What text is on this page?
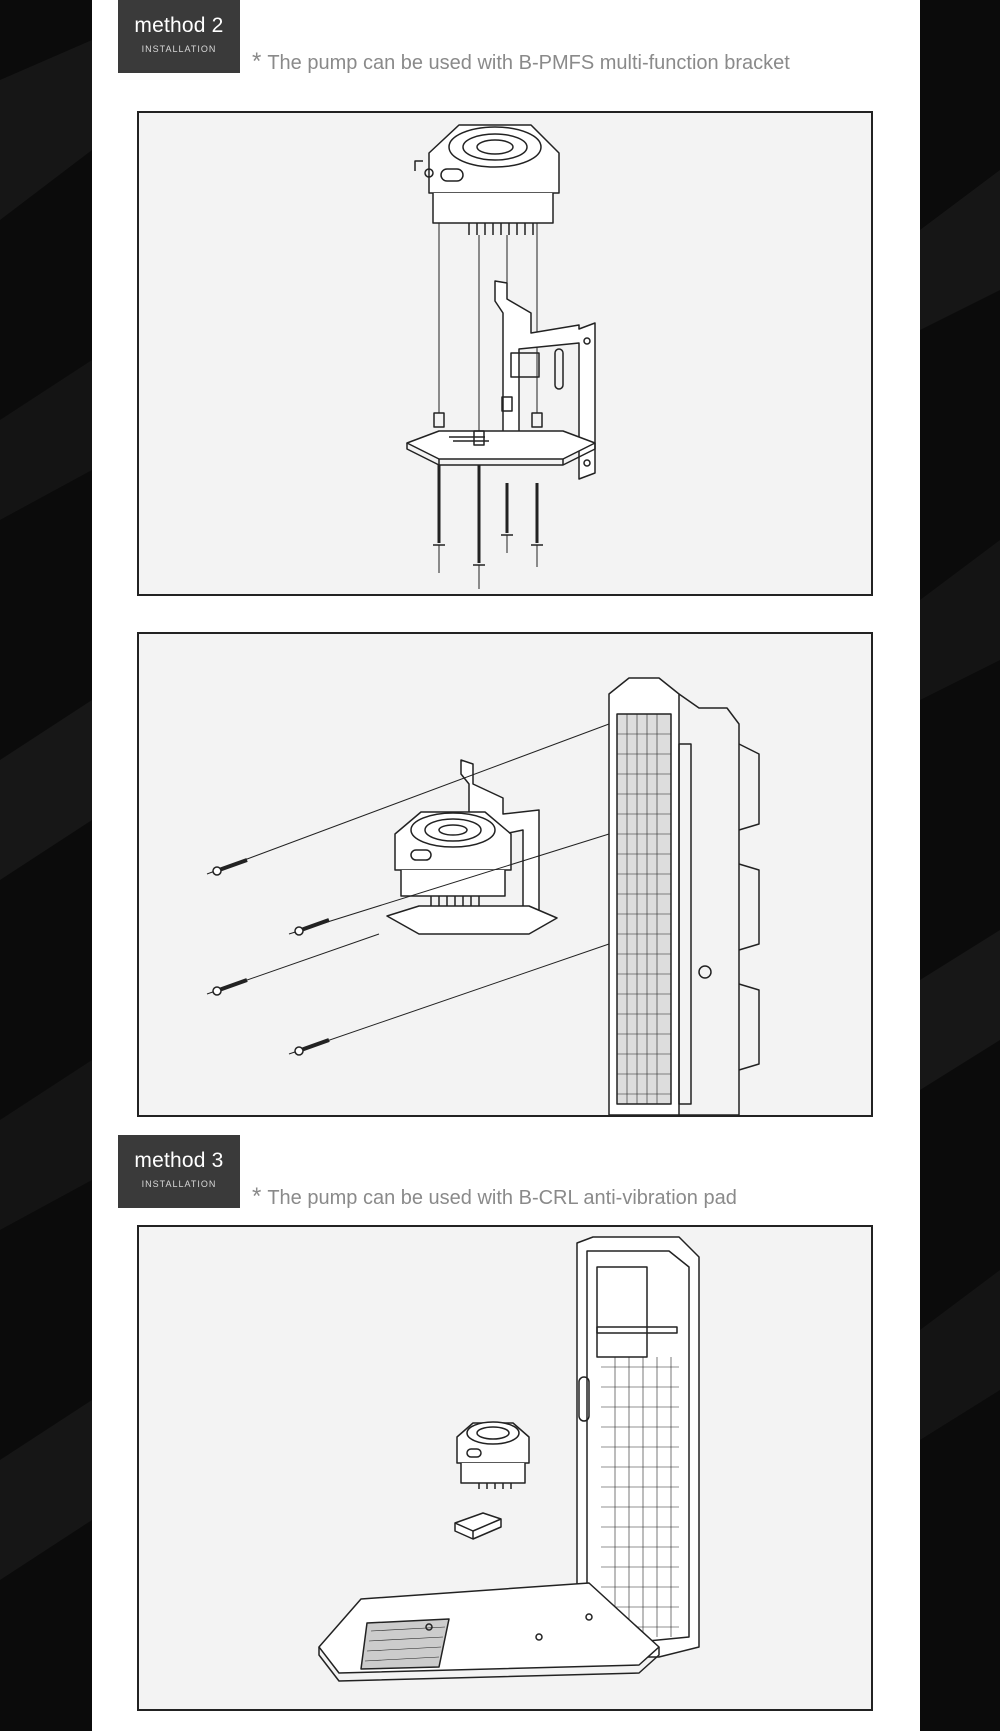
method 2
INSTALLATION	* The pump can be used with B-PMFS multi-function bracket
method 3
INSTALLATION	* The pump can be used with B-CRL anti-vibration pad
